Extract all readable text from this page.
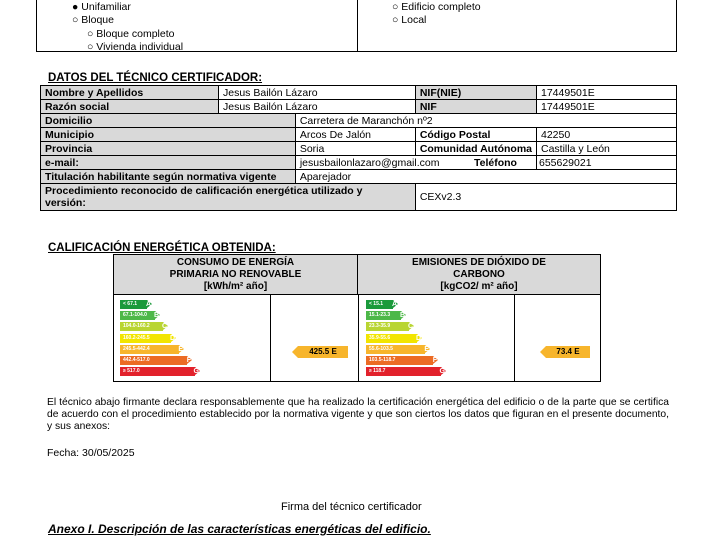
● Unifamiliar
○ Bloque
○ Bloque completo
○ Vivienda individual
○ Edificio completo
○ Local
DATOS DEL TÉCNICO CERTIFICADOR:
Nombre y Apellidos	Jesus Bailón Lázaro		NIF(NIE)	17449501E
Razón social	Jesus Bailón Lázaro		NIF	17449501E
Domicilio		Carretera de Maranchón nº2		
Municipio		Arcos De Jalón	Código Postal	42250
Provincia		Soria	Comunidad Autónoma	Castilla y León
e-mail:		jesusbailonlazaro@gmail.com		Teléfono 655629021
Titulación habilitante según normativa vigente		Aparejador		
Procedimiento reconocido de calificación energética utilizado y
versión:			CEXv2.3	
CALIFICACIÓN ENERGÉTICA OBTENIDA:
CONSUMO DE ENERGÍA
PRIMARIA NO RENOVABLE
[kWh/m² año]
EMISIONES DE DIÓXIDO DE
CARBONO
[kgCO2/ m² año]
< 67.1 A
67.1-104.0 B
104.0-160.2 C
160.2-245.5	D
245.5-442.4	E
442.4-517.0	F
≥ 517.0	G
< 15.1 A
15.1-23.3 B
23.3-35.9	C
35.9-55.6	D
55.6-103.5	E
103.5-118.7	F
≥ 118.7	G
425.5 E	73.4 E
El técnico abajo firmante declara responsablemente que ha realizado la certificación energética del edificio o de la parte que se certifica de acuerdo con el procedimiento establecido por la normativa vigente y que son ciertos los datos que figuran en el presente documento, y sus anexos:
Fecha: 30/05/2025
Firma del técnico certificador
Anexo I. Descripción de las características energéticas del edificio.
